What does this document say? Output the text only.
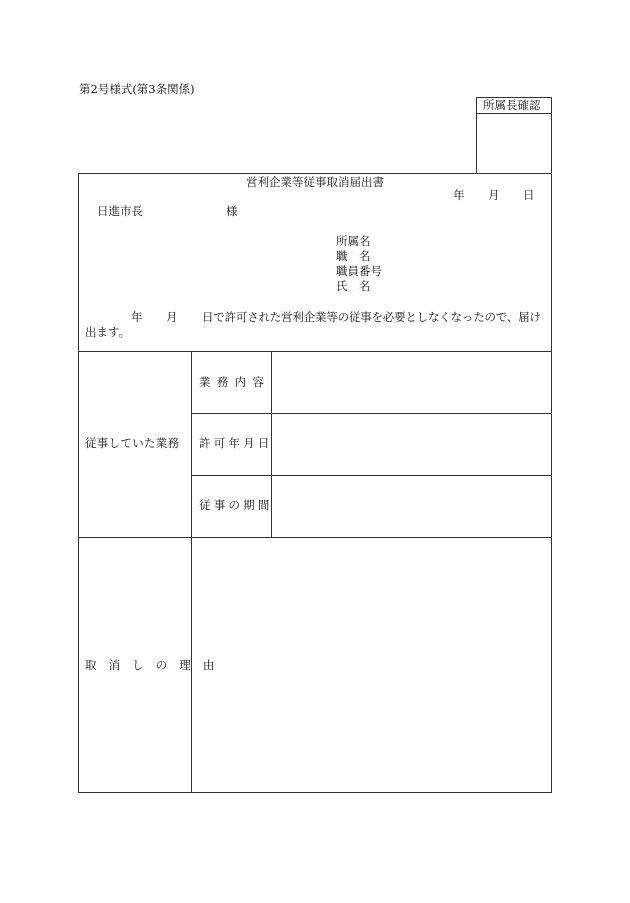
第2号様式(第3条関係)
所属長確認
営利企業等従事取消届出書
年 月 日
日進市長	様
所属名
職　名
職員番号
氏　名
年 月 日で許可された営利企業等の従事を必要としなくなったので、届け
出ます。
従事していた業務
業務内容
許可年月日
従事の期間
取消しの理由
